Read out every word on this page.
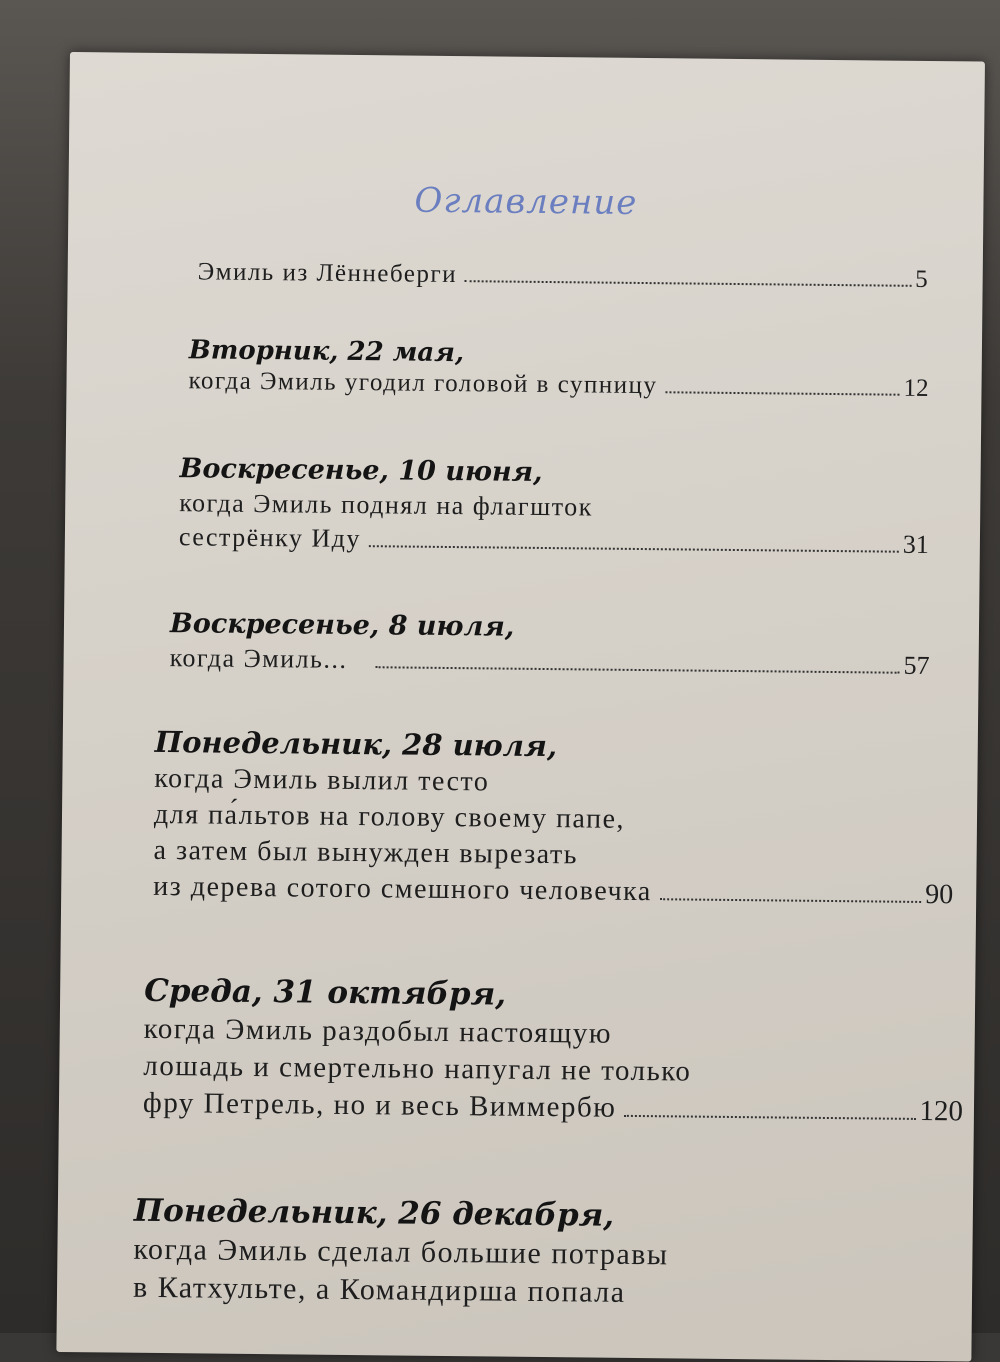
Оглавление
Эмиль из Лённеберги	5
Вторник, 22 мая,
когда Эмиль угодил головой в супницу	12
Воскресенье, 10 июня,
когда Эмиль поднял на флагшток
сестрёнку Иду	31
Воскресенье, 8 июля,
когда Эмиль...	57
Понедельник, 28 июля,
когда Эмиль вылил тесто
для па́льтов на голову своему папе,
а затем был вынужден вырезать
из дерева сотого смешного человечка	90
Среда, 31 октября,
когда Эмиль раздобыл настоящую
лошадь и смертельно напугал не только
фру Петрель, но и весь Виммербю	120
Понедельник, 26 декабря,
когда Эмиль сделал большие потравы
в Катхульте, а Командирша попала
